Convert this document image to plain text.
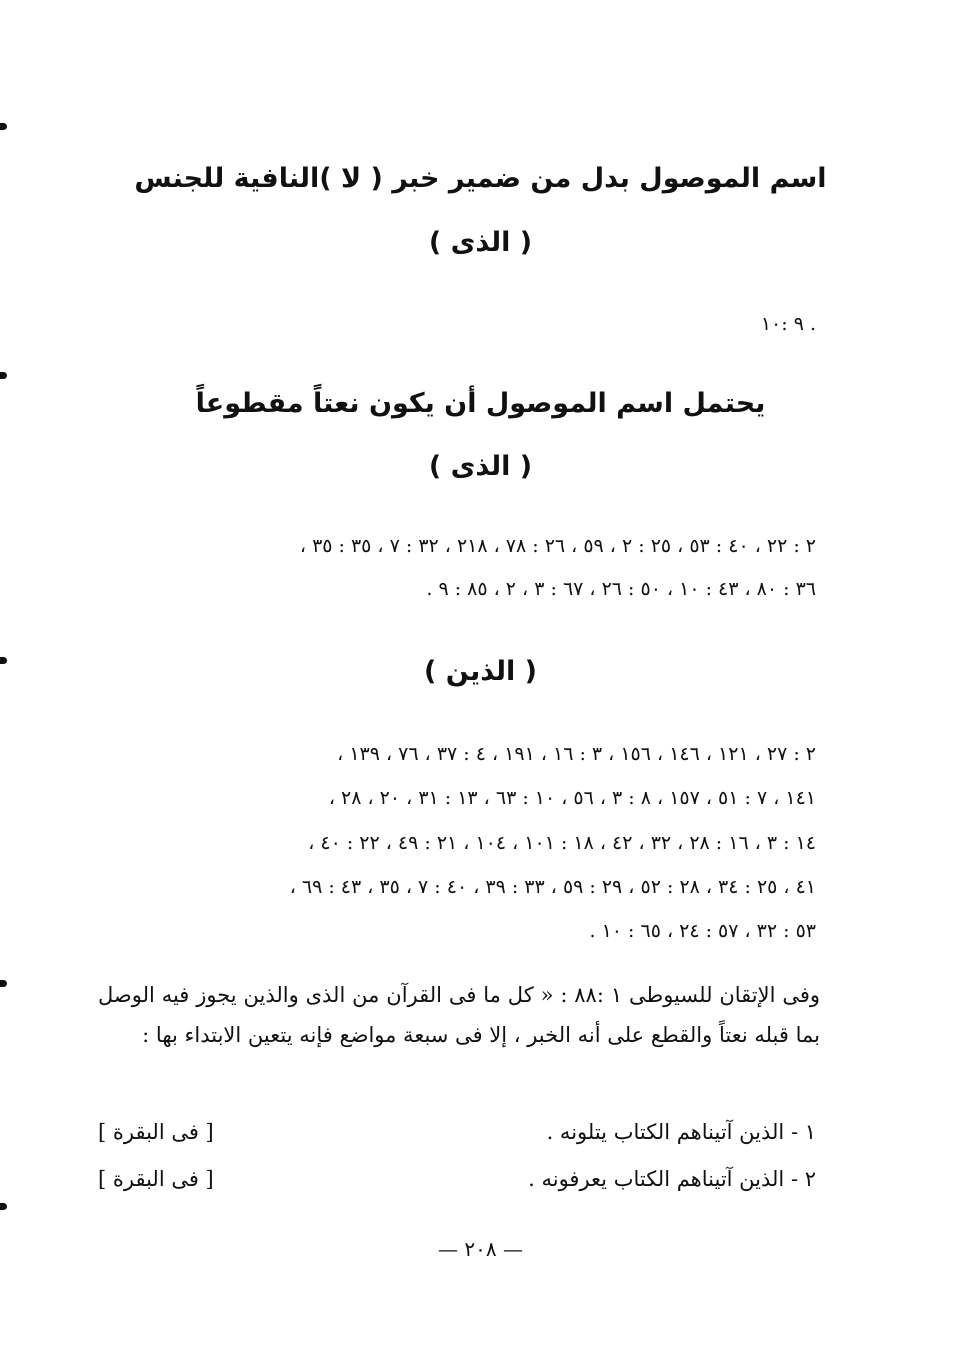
اسم الموصول بدل من ضمير خبر ( لا )النافية للجنس
( الذى )
. ٩ :١٠
يحتمل اسم الموصول أن يكون نعتاً مقطوعاً
( الذى )
٢ : ٢٢ ، ٤٠ : ٥٣ ، ٢٥ : ٢ ، ٥٩ ، ٢٦ : ٧٨ ، ٢١٨ ، ٣٢ : ٧ ، ٣٥ : ٣٥ ،
٣٦ : ٨٠ ، ٤٣ : ١٠ ، ٥٠ : ٢٦ ، ٦٧ : ٣ ، ٢ ، ٨٥ : ٩ .
( الذين )
٢ : ٢٧ ، ١٢١ ، ١٤٦ ، ١٥٦ ، ٣ : ١٦ ، ١٩١ ، ٤ : ٣٧ ، ٧٦ ، ١٣٩ ،
١٤١ ، ٧ : ٥١ ، ١٥٧ ، ٨ : ٣ ، ٥٦ ، ١٠ : ٦٣ ، ١٣ : ٣١ ، ٢٠ ، ٢٨ ،
١٤ : ٣ ، ١٦ : ٢٨ ، ٣٢ ، ٤٢ ، ١٨ : ١٠١ ، ١٠٤ ، ٢١ : ٤٩ ، ٢٢ : ٤٠ ،
٤١ ، ٢٥ : ٣٤ ، ٢٨ : ٥٢ ، ٢٩ : ٥٩ ، ٣٣ : ٣٩ ، ٤٠ : ٧ ، ٣٥ ، ٤٣ : ٦٩ ،
٥٣ : ٣٢ ، ٥٧ : ٢٤ ، ٦٥ : ١٠ .
وفى الإتقان للسيوطى ١ :٨٨ : « كل ما فى القرآن من الذى والذين يجوز فيه الوصل بما قبله نعتاً والقطع على أنه الخبر ، إلا فى سبعة مواضع فإنه يتعين الابتداء بها :
١ - الذين آتيناهم الكتاب يتلونه .
[ فى البقرة ]
٢ - الذين آتيناهم الكتاب يعرفونه .
[ فى البقرة ]
— ٢٠٨ —
